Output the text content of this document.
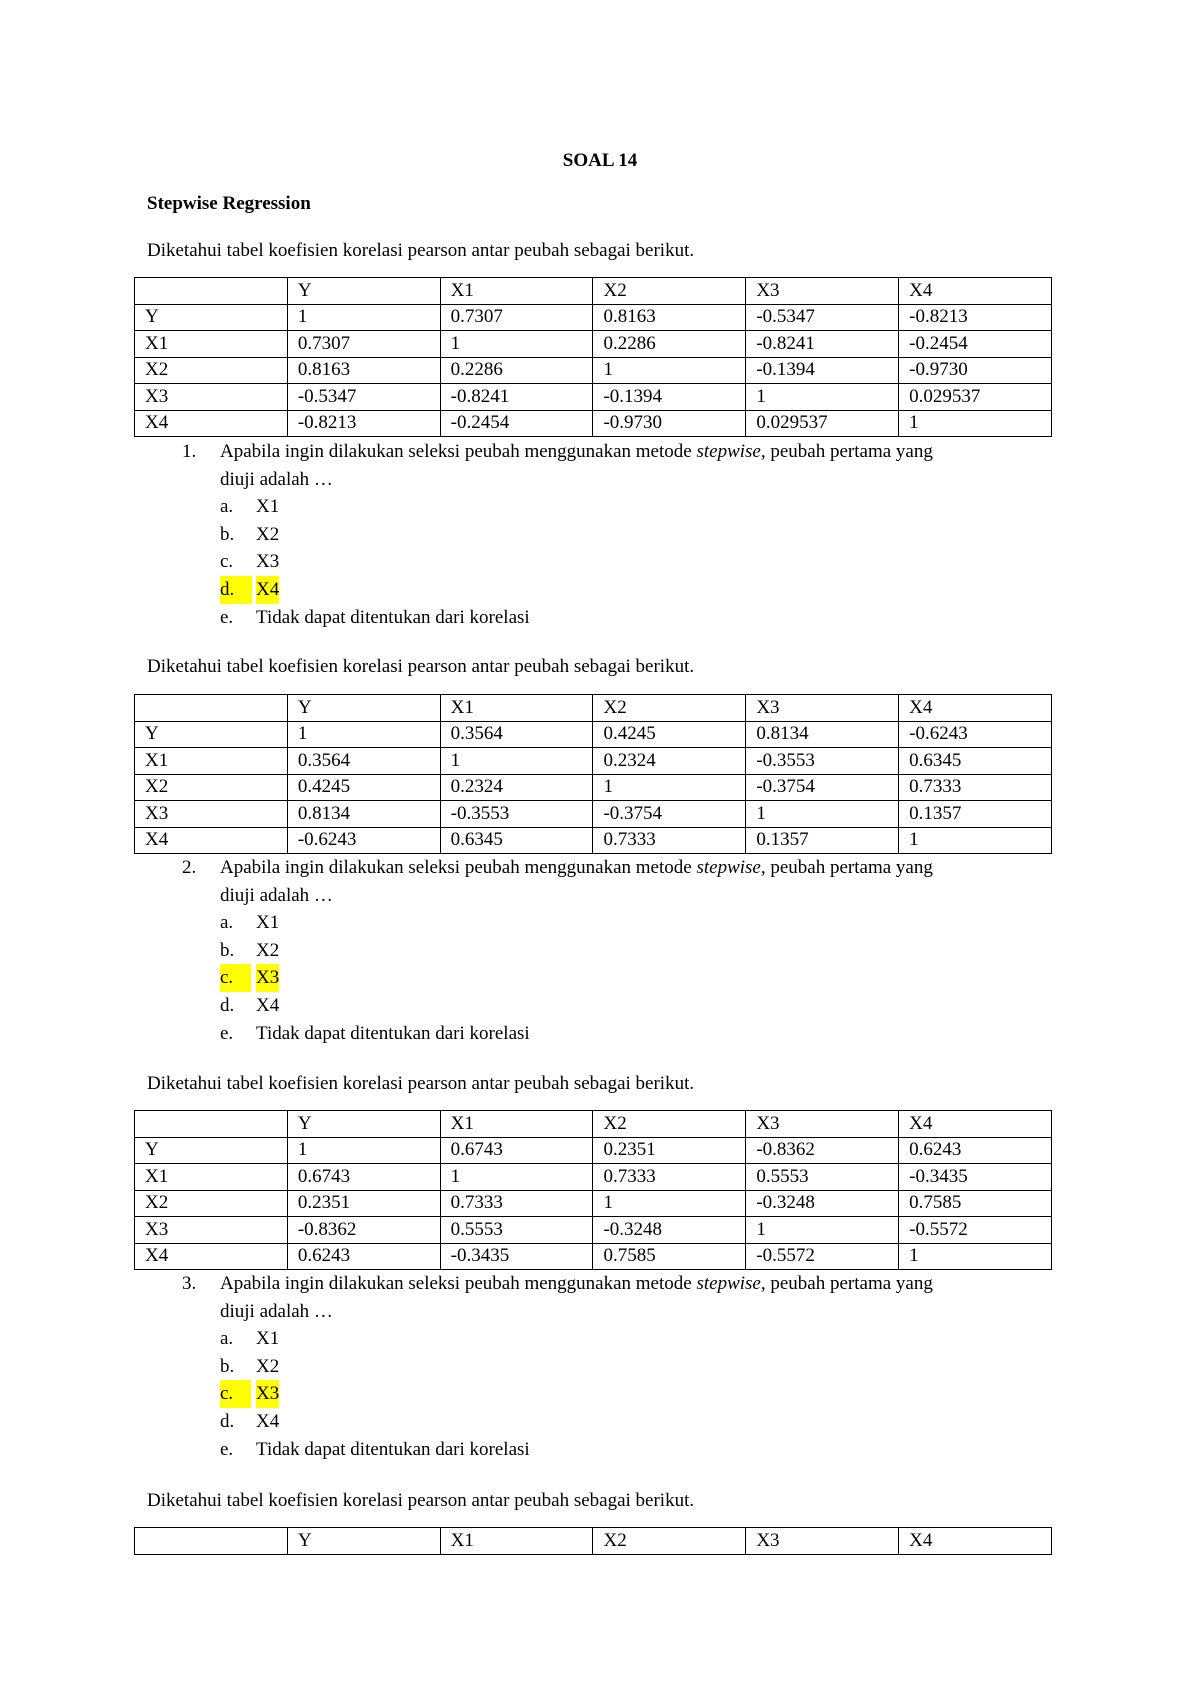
SOAL 14
Stepwise Regression
Diketahui tabel koefisien korelasi pearson antar peubah sebagai berikut.
	Y	X1	X2	X3	X4
Y	1	0.7307	0.8163	-0.5347	-0.8213
X1	0.7307	1	0.2286	-0.8241	-0.2454
X2	0.8163	0.2286	1	-0.1394	-0.9730
X3	-0.5347	-0.8241	-0.1394	1	0.029537
X4	-0.8213	-0.2454	-0.9730	0.029537	1
1. Apabila ingin dilakukan seleksi peubah menggunakan metode stepwise, peubah pertama yang
diuji adalah …
a. X1
b. X2
c. X3
d.	X4
e. Tidak dapat ditentukan dari korelasi
Diketahui tabel koefisien korelasi pearson antar peubah sebagai berikut.
	Y	X1	X2	X3	X4
Y	1	0.3564	0.4245	0.8134	-0.6243
X1	0.3564	1	0.2324	-0.3553	0.6345
X2	0.4245	0.2324	1	-0.3754	0.7333
X3	0.8134	-0.3553	-0.3754	1	0.1357
X4	-0.6243	0.6345	0.7333	0.1357	1
2. Apabila ingin dilakukan seleksi peubah menggunakan metode stepwise, peubah pertama yang
diuji adalah …
a. X1
b. X2
c.	X3
d. X4
e. Tidak dapat ditentukan dari korelasi
Diketahui tabel koefisien korelasi pearson antar peubah sebagai berikut.
	Y	X1	X2	X3	X4
Y	1	0.6743	0.2351	-0.8362	0.6243
X1	0.6743	1	0.7333	0.5553	-0.3435
X2	0.2351	0.7333	1	-0.3248	0.7585
X3	-0.8362	0.5553	-0.3248	1	-0.5572
X4	0.6243	-0.3435	0.7585	-0.5572	1
3. Apabila ingin dilakukan seleksi peubah menggunakan metode stepwise, peubah pertama yang
diuji adalah …
a. X1
b. X2
c.	X3
d. X4
e. Tidak dapat ditentukan dari korelasi
Diketahui tabel koefisien korelasi pearson antar peubah sebagai berikut.
	Y	X1	X2	X3	X4
